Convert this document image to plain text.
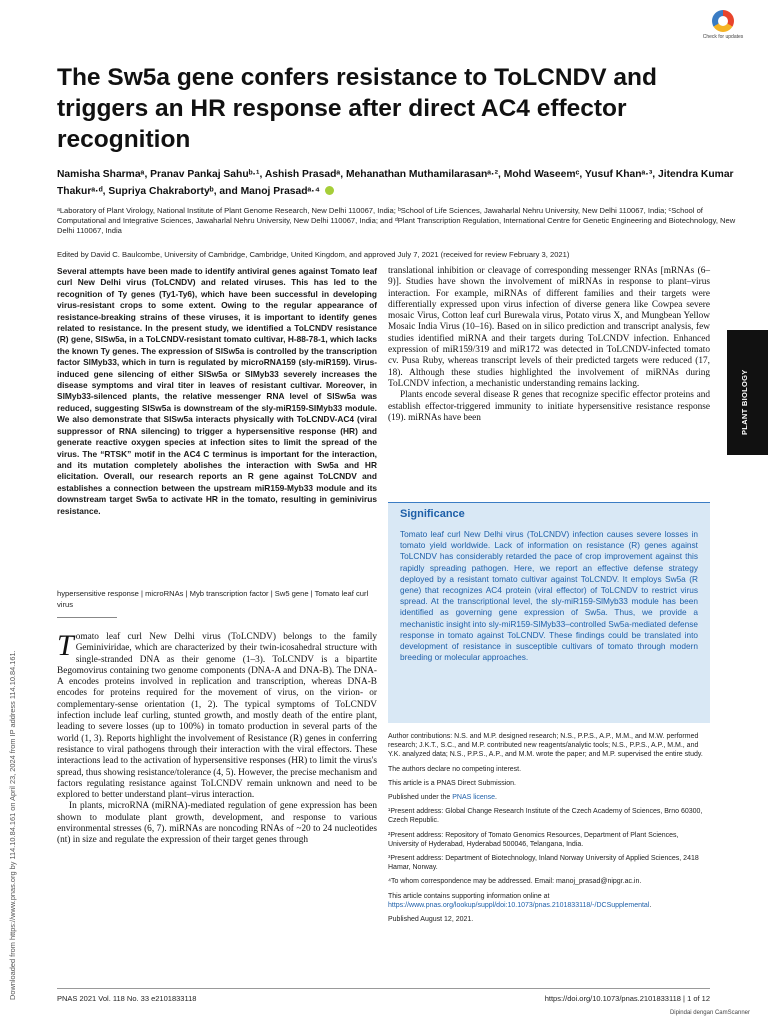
Check for updates
The Sw5a gene confers resistance to ToLCNDV and triggers an HR response after direct AC4 effector recognition
Namisha Sharmaᵃ, Pranav Pankaj Sahuᵇ·¹, Ashish Prasadᵃ, Mehanathan Muthamilarasanᵃ·², Mohd Waseemᶜ, Yusuf Khanᵃ·³, Jitendra Kumar Thakurᵃ·ᵈ, Supriya Chakrabortyᵇ, and Manoj Prasadᵃ·⁴
ᵃLaboratory of Plant Virology, National Institute of Plant Genome Research, New Delhi 110067, India; ᵇSchool of Life Sciences, Jawaharlal Nehru University, New Delhi 110067, India; ᶜSchool of Computational and Integrative Sciences, Jawaharlal Nehru University, New Delhi 110067, India; and ᵈPlant Transcription Regulation, International Centre for Genetic Engineering and Biotechnology, New Delhi 110067, India
Edited by David C. Baulcombe, University of Cambridge, Cambridge, United Kingdom, and approved July 7, 2021 (received for review February 3, 2021)
Several attempts have been made to identify antiviral genes against Tomato leaf curl New Delhi virus (ToLCNDV) and related viruses. This has led to the recognition of Ty genes (Ty1-Ty6), which have been successful in developing virus-resistant crops to some extent. Owing to the regular appearance of resistance-breaking strains of these viruses, it is important to identify genes related to resistance. In the present study, we identified a ToLCNDV resistance (R) gene, SlSw5a, in a ToLCNDV-resistant tomato cultivar, H-88-78-1, which lacks the known Ty genes. The expression of SlSw5a is controlled by the transcription factor SlMyb33, which in turn is regulated by microRNA159 (sly-miR159). Virus-induced gene silencing of either SlSw5a or SlMyb33 severely increases the disease symptoms and viral titer in leaves of resistant cultivar. Moreover, in SlMyb33-silenced plants, the relative messenger RNA level of SlSw5a was reduced, suggesting SlSw5a is downstream of the sly-miR159-SlMyb33 module. We also demonstrate that SlSw5a interacts physically with ToLCNDV-AC4 (viral suppressor of RNA silencing) to trigger a hypersensitive response (HR) and generate reactive oxygen species at infection sites to limit the spread of the virus. The “RTSK” motif in the AC4 C terminus is important for the interaction, and its mutation completely abolishes the interaction with Sw5a and HR elicitation. Overall, our research reports an R gene against ToLCNDV and establishes a connection between the upstream miR159-Myb33 module and its downstream target Sw5a to activate HR in the tomato, resulting in geminivirus resistance.
hypersensitive response | microRNAs | Myb transcription factor | Sw5 gene | Tomato leaf curl virus
Tomato leaf curl New Delhi virus (ToLCNDV) belongs to the family Geminiviridae, which are characterized by their twin-icosahedral structure with single-stranded DNA as their genome (1–3). ToLCNDV is a bipartite Begomovirus containing two genome components (DNA-A and DNA-B). The DNA-A encodes proteins involved in replication and transcription, whereas DNA-B encodes for proteins required for the movement of virus, on the virion- or complementary-sense orientation (1, 2). The typical symptoms of ToLCNDV infection include leaf curling, stunted growth, and mostly death of the entire plant, leading to severe losses (up to 100%) in tomato production in several parts of the world (1, 3). Reports highlight the involvement of Resistance (R) genes in conferring resistance to viral pathogens through their interaction with the viral effectors. These interactions lead to the activation of hypersensitive responses (HR) to limit the virus's spread, thus showing resistance/tolerance (4, 5). However, the precise mechanism and factors regulating resistance against ToLCNDV remain unknown and need to be explored to better understand plant–virus interaction.
In plants, microRNA (miRNA)-mediated regulation of gene expression has been shown to modulate plant growth, development, and response to various environmental stresses (6, 7). miRNAs are noncoding RNAs of ~20 to 24 nucleotides (nt) in size and regulate the expression of their target genes through
translational inhibition or cleavage of corresponding messenger RNAs [mRNAs (6–9)]. Studies have shown the involvement of miRNAs in response to plant–virus interaction. For example, miRNAs of different families and their targets were differentially expressed upon virus infection of diverse genera like Cowpea severe mosaic Virus, Cotton leaf curl Burewala virus, Potato virus X, and Mungbean Yellow Mosaic India Virus (10–16). Based on in silico prediction and transcript analysis, few studies identified miRNA and their targets during ToLCNDV infection. Enhanced expression of miR159/319 and miR172 was detected in ToLCNDV-infected tomato cv. Pusa Ruby, whereas transcript levels of their predicted targets were reduced (17, 18). Although these studies highlighted the involvement of miRNAs during ToLCNDV infection, a mechanistic understanding remains lacking.
Plants encode several disease R genes that recognize specific effector proteins and establish effector-triggered immunity to initiate hypersensitive resistance response (19). miRNAs have been
Significance
Tomato leaf curl New Delhi virus (ToLCNDV) infection causes severe losses in tomato yield worldwide. Lack of information on resistance (R) genes against ToLCNDV has considerably retarded the pace of crop improvement against this rapidly spreading pathogen. Here, we report an effective defense strategy deployed by a resistant tomato cultivar against ToLCNDV. It employs Sw5a (R gene) that recognizes AC4 protein (viral effector) of ToLCNDV to restrict virus spread. At the transcriptional level, the sly-miR159-SlMyb33 module has been identified as governing gene expression of Sw5a. Thus, we provide a mechanistic insight into sly-miR159-SlMyb33–controlled Sw5a-mediated defense response in tomato against ToLCNDV. These findings could be translated into development of resistance in susceptible cultivars of tomato through modern breeding or molecular approaches.

Author contributions: N.S. and M.P. designed research; N.S., P.P.S., A.P., M.M., and M.W. performed research; J.K.T., S.C., and M.P. contributed new reagents/analytic tools; N.S., P.P.S., A.P., M.M., and Y.K. analyzed data; N.S., P.P.S., A.P., and M.M. wrote the paper; and M.P. supervised the entire study.

The authors declare no competing interest.

This article is a PNAS Direct Submission.

Published under the PNAS license.

¹Present address: Global Change Research Institute of the Czech Academy of Sciences, Brno 60300, Czech Republic.

²Present address: Repository of Tomato Genomics Resources, Department of Plant Sciences, University of Hyderabad, Hyderabad 500046, Telangana, India.

³Present address: Department of Biotechnology, Inland Norway University of Applied Sciences, 2418 Hamar, Norway.

⁴To whom correspondence may be addressed. Email: manoj_prasad@nipgr.ac.in.

This article contains supporting information online at https://www.pnas.org/lookup/suppl/doi:10.1073/pnas.2101833118/-/DCSupplemental.

Published August 12, 2021.

PLANT BIOLOGY
Downloaded from https://www.pnas.org by 114.10.84.161 on April 23, 2024 from IP address 114.10.84.161.	PNAS 2021 Vol. 118 No. 33 e2101833118	https://doi.org/10.1073/pnas.2101833118 | 1 of 12
Dipindai dengan CamScanner
